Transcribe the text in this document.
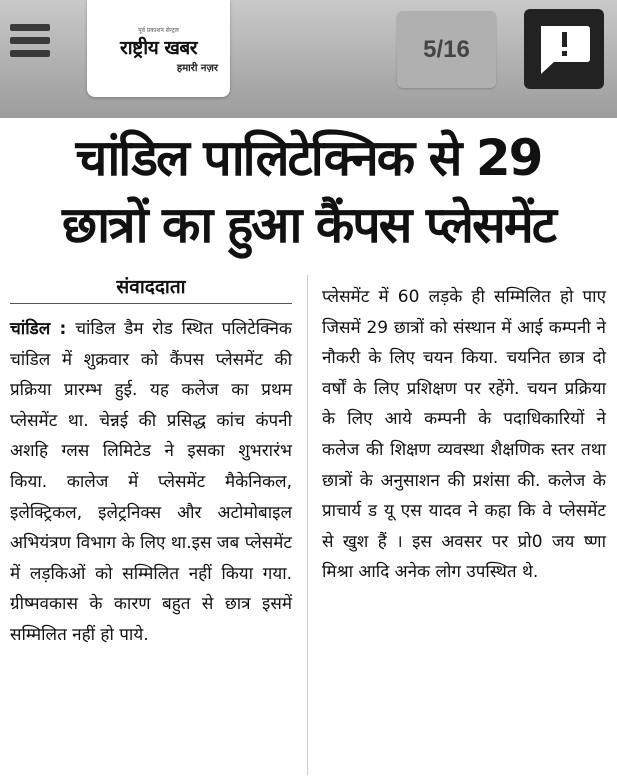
पूर्व प्रकाशन सेन्ट्रल
राष्ट्रीय खबर
हमारी नज़र
5/16
चांडिल पालिटेक्निक से 29
छात्रों का हुआ कैंपस प्लेसमेंट
संवाददाता

चांडिल : चांडिल डैम रोड स्थित पलिटेक्निक चांडिल में शुक्रवार को कैंपस प्लेसमेंट की प्रक्रिया प्रारम्भ हुई. यह कलेज का प्रथम प्लेसमेंट था. चेन्नई की प्रसिद्ध कांच कंपनी अशहि ग्लस लिमिटेड ने इसका शुभरारंभ किया. कालेज में प्लेसमेंट मैकेनिकल, इलेक्ट्रिकल, इलेट्रनिक्स और अटोमोबाइल अभियंत्रण विभाग के लिए था.इस जब प्लेसमेंट में लड़किओं को सम्मिलित नहीं किया गया. ग्रीष्मवकास के कारण बहुत से छात्र इसमें सम्मिलित नहीं हो पाये.

प्लेसमेंट में 60 लड़के ही सम्मिलित हो पाए जिसमें 29 छात्रों को संस्थान में आई कम्पनी ने नौकरी के लिए चयन किया. चयनित छात्र दो वर्षों के लिए प्रशिक्षण पर रहेंगे. चयन प्रक्रिया के लिए आये कम्पनी के पदाधिकारियों ने कलेज की शिक्षण व्यवस्था शैक्षणिक स्तर तथा छात्रों के अनुसाशन की प्रशंसा की. कलेज के प्राचार्य ड यू एस यादव ने कहा कि वे प्लेसमेंट से खुश हैं । इस अवसर पर प्रो0 जय ष्णा मिश्रा आदि अनेक लोग उपस्थित थे.
